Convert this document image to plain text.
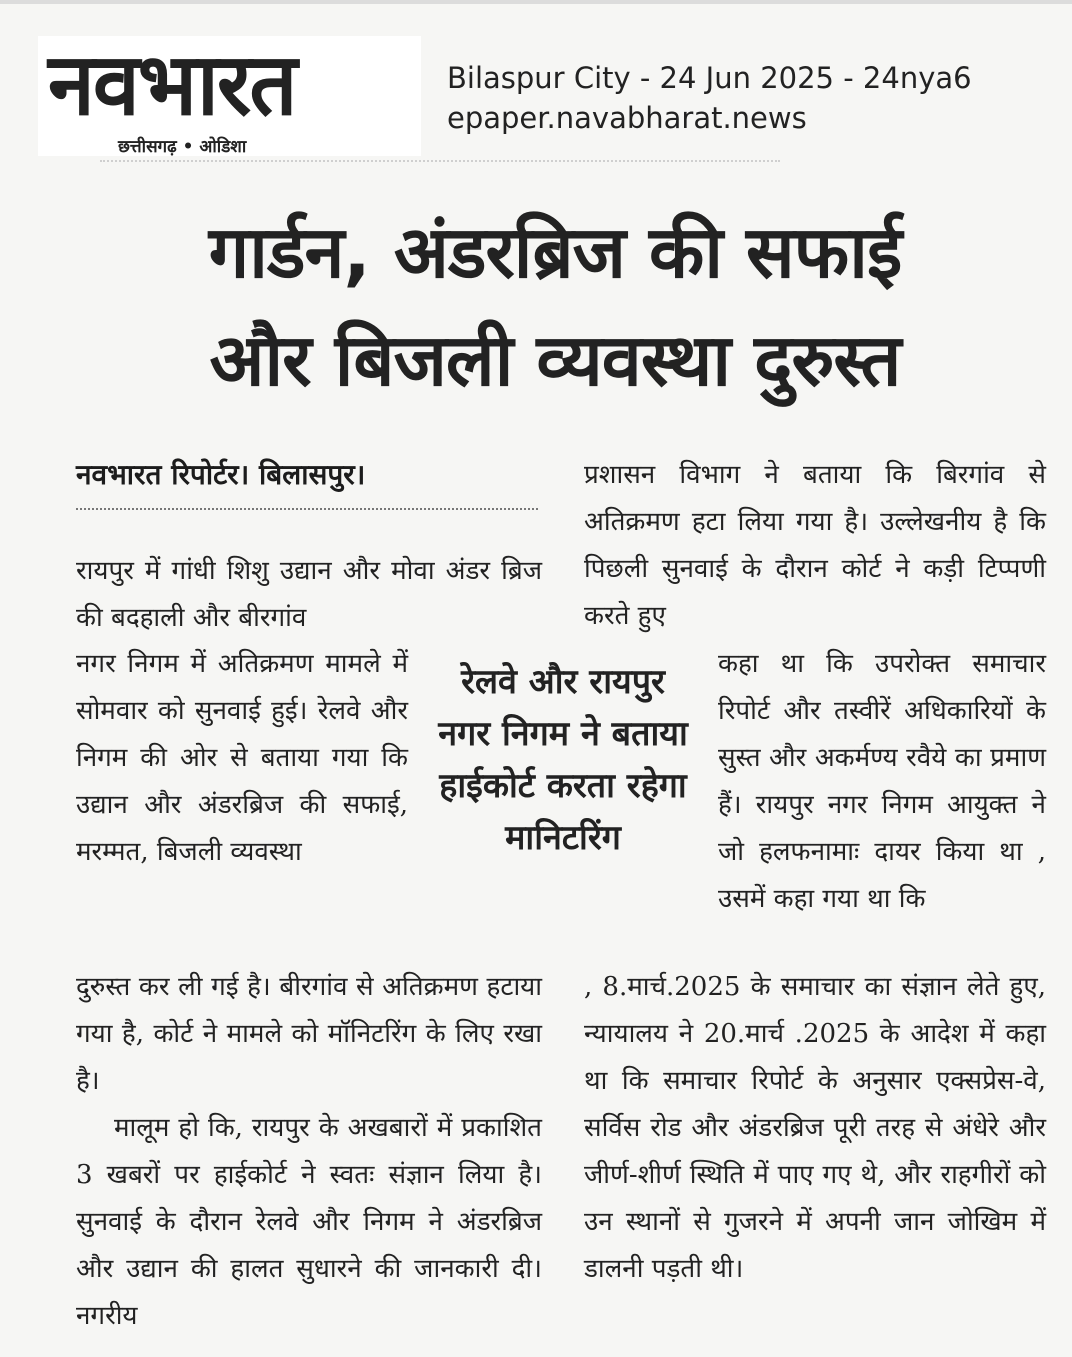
नवभारत
छत्तीसगढ़ • ओडिशा
Bilaspur City - 24 Jun 2025 - 24nya6
epaper.navabharat.news
गार्डन, अंडरब्रिज की सफाई
और बिजली व्यवस्था दुरुस्त
नवभारत रिपोर्टर। बिलासपुर।
रायपुर में गांधी शिशु उद्यान और मोवा अंडर ब्रिज की बदहाली और बीरगांव
नगर निगम में अतिक्रमण मामले में सोमवार को सुनवाई हुई। रेलवे और निगम की ओर से बताया गया कि उद्यान और अंडरब्रिज की सफाई, मरम्मत, बिजली व्यवस्था
दुरुस्त कर ली गई है। बीरगांव से अतिक्रमण हटाया गया है, कोर्ट ने मामले को मॉनिटरिंग के लिए रखा है।
मालूम हो कि, रायपुर के अखबारों में प्रकाशित 3 खबरों पर हाईकोर्ट ने स्वतः संज्ञान लिया है। सुनवाई के दौरान रेलवे और निगम ने अंडरब्रिज और उद्यान की हालत सुधारने की जानकारी दी। नगरीय
रेलवे और रायपुर नगर निगम ने बताया हाईकोर्ट करता रहेगा मानिटरिंग
प्रशासन विभाग ने बताया कि बिरगांव से अतिक्रमण हटा लिया गया है। उल्लेखनीय है कि पिछली सुनवाई के दौरान कोर्ट ने कड़ी टिप्पणी करते हुए
कहा था कि उपरोक्त समाचार रिपोर्ट और तस्वीरें अधिकारियों के सुस्त और अकर्मण्य रवैये का प्रमाण हैं। रायपुर नगर निगम आयुक्त ने जो हलफनामाः दायर किया था , उसमें कहा गया था कि
, 8.मार्च.2025 के समाचार का संज्ञान लेते हुए, न्यायालय ने 20.मार्च .2025 के आदेश में कहा था कि समाचार रिपोर्ट के अनुसार एक्सप्रेस-वे, सर्विस रोड और अंडरब्रिज पूरी तरह से अंधेरे और जीर्ण-शीर्ण स्थिति में पाए गए थे, और राहगीरों को उन स्थानों से गुजरने में अपनी जान जोखिम में डालनी पड़ती थी।
